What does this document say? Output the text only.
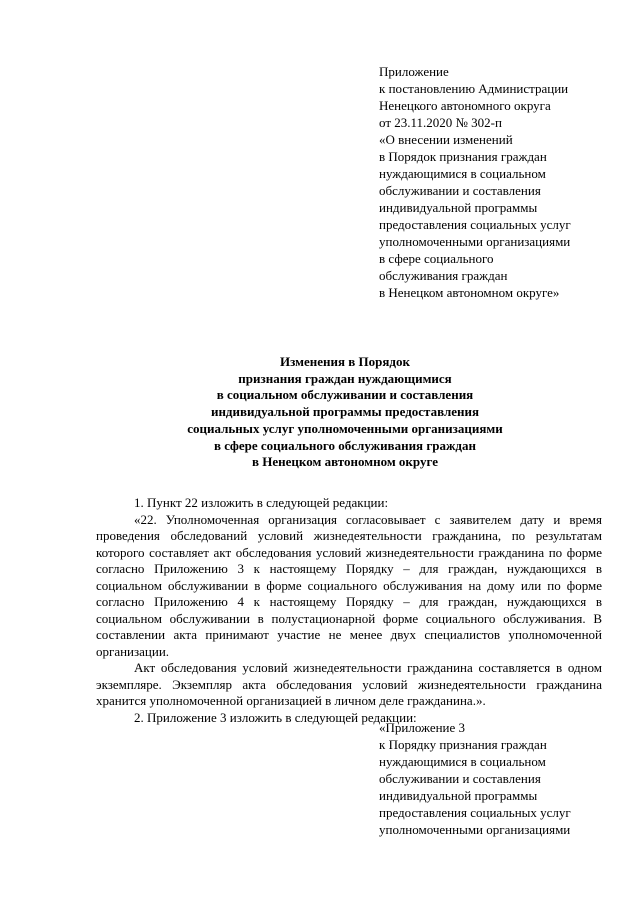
Приложение
к постановлению Администрации
Ненецкого автономного округа
от 23.11.2020 № 302-п
«О внесении изменений
в Порядок признания граждан
нуждающимися в социальном
обслуживании и составления
индивидуальной программы
предоставления социальных услуг
уполномоченными организациями
в сфере социального
обслуживания граждан
в Ненецком автономном округе»
Изменения в Порядок
признания граждан нуждающимися
в социальном обслуживании и составления
индивидуальной программы предоставления
социальных услуг уполномоченными организациями
в сфере социального обслуживания граждан
в Ненецком автономном округе

1. Пункт 22 изложить в следующей редакции:

«22. Уполномоченная организация согласовывает с заявителем дату и время проведения обследований условий жизнедеятельности гражданина, по результатам которого составляет акт обследования условий жизнедеятельности гражданина по форме согласно Приложению 3 к настоящему Порядку – для граждан, нуждающихся в социальном обслуживании в форме социального обслуживания на дому или по форме согласно Приложению 4 к настоящему Порядку – для граждан, нуждающихся в социальном обслуживании в полустационарной форме социального обслуживания. В составлении акта принимают участие не менее двух специалистов уполномоченной организации.

Акт обследования условий жизнедеятельности гражданина составляется в одном экземпляре. Экземпляр акта обследования условий жизнедеятельности гражданина хранится уполномоченной организацией в личном деле гражданина.».

2. Приложение 3 изложить в следующей редакции:

«Приложение 3
к Порядку признания граждан
нуждающимися в социальном
обслуживании и составления
индивидуальной программы
предоставления социальных услуг
уполномоченными организациями
